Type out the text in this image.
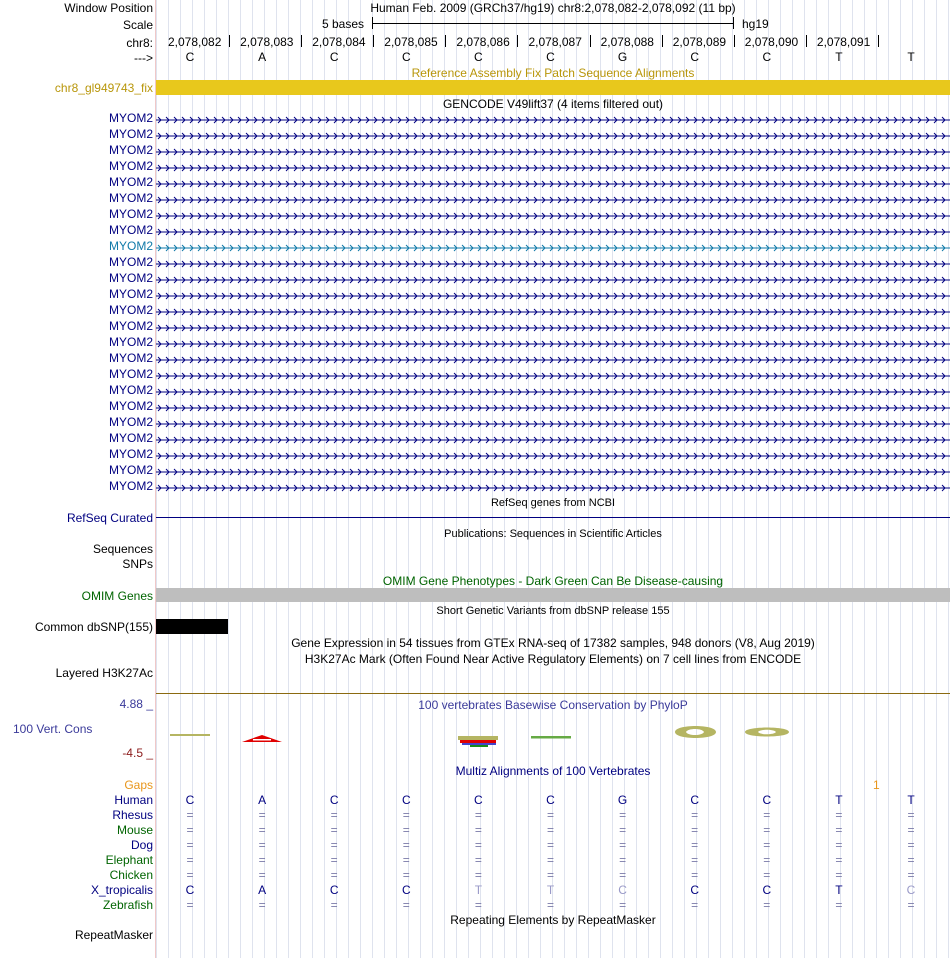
Window Position	Human Feb. 2009 (GRCh37/hg19) chr8:2,078,082-2,078,092 (11 bp)
Scale	5 bases	hg19
chr8: 2,078,082 2,078,083 2,078,084 2,078,085 2,078,086 2,078,087 2,078,088 2,078,089 2,078,090 2,078,091
--->	C	A	C	C	C	C	G	C	C	T	T
Reference Assembly Fix Patch Sequence Alignments
chr8_gl949743_fix
GENCODE V49lift37 (4 items filtered out)
MYOM2
MYOM2
MYOM2
MYOM2
MYOM2
MYOM2
MYOM2
MYOM2
MYOM2
MYOM2
MYOM2
MYOM2
MYOM2
MYOM2
MYOM2
MYOM2
MYOM2
MYOM2
MYOM2
MYOM2
MYOM2
MYOM2
MYOM2
MYOM2
RefSeq genes from NCBI
RefSeq Curated
Publications: Sequences in Scientific Articles
Sequences
SNPs
OMIM Gene Phenotypes - Dark Green Can Be Disease-causing
OMIM Genes
Short Genetic Variants from dbSNP release 155
Common dbSNP(155)
Gene Expression in 54 tissues from GTEx RNA-seq of 17382 samples, 948 donors (V8, Aug 2019)
H3K27Ac Mark (Often Found Near Active Regulatory Elements) on 7 cell lines from ENCODE
Layered H3K27Ac
4.88 _	100 vertebrates Basewise Conservation by PhyloP
100 Vert. Cons
-4.5 _
Multiz Alignments of 100 Vertebrates
Gaps	1
Human	C	A	C	C	C	C	G	C	C	T	T
Rhesus	=	=	=	=	=	=	=	=	=	=	=
Mouse	=	=	=	=	=	=	=	=	=	=	=
Dog	=	=	=	=	=	=	=	=	=	=	=
Elephant	=	=	=	=	=	=	=	=	=	=	=
Chicken	=	=	=	=	=	=	=	=	=	=	=
X_tropicalis	C	A	C	C	T	T	C	C	C	T	C
Zebrafish	=	=	=	=	=	=	=	=	=	=	=
Repeating Elements by RepeatMasker
RepeatMasker
